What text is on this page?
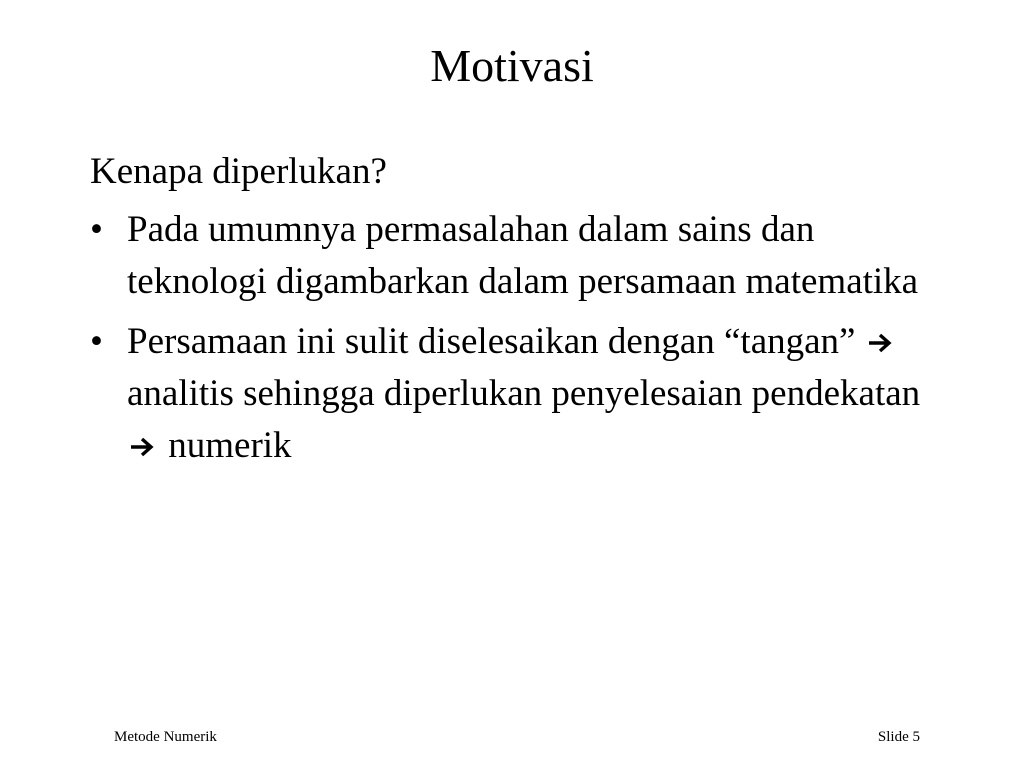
Motivasi
Kenapa diperlukan?
• Pada umumnya permasalahan dalam sains dan teknologi digambarkan dalam persamaan matematika
• Persamaan ini sulit diselesaikan dengan “tangan”  analitis sehingga diperlukan penyelesaian pendekatan  numerik
Metode Numerik	Slide 5
